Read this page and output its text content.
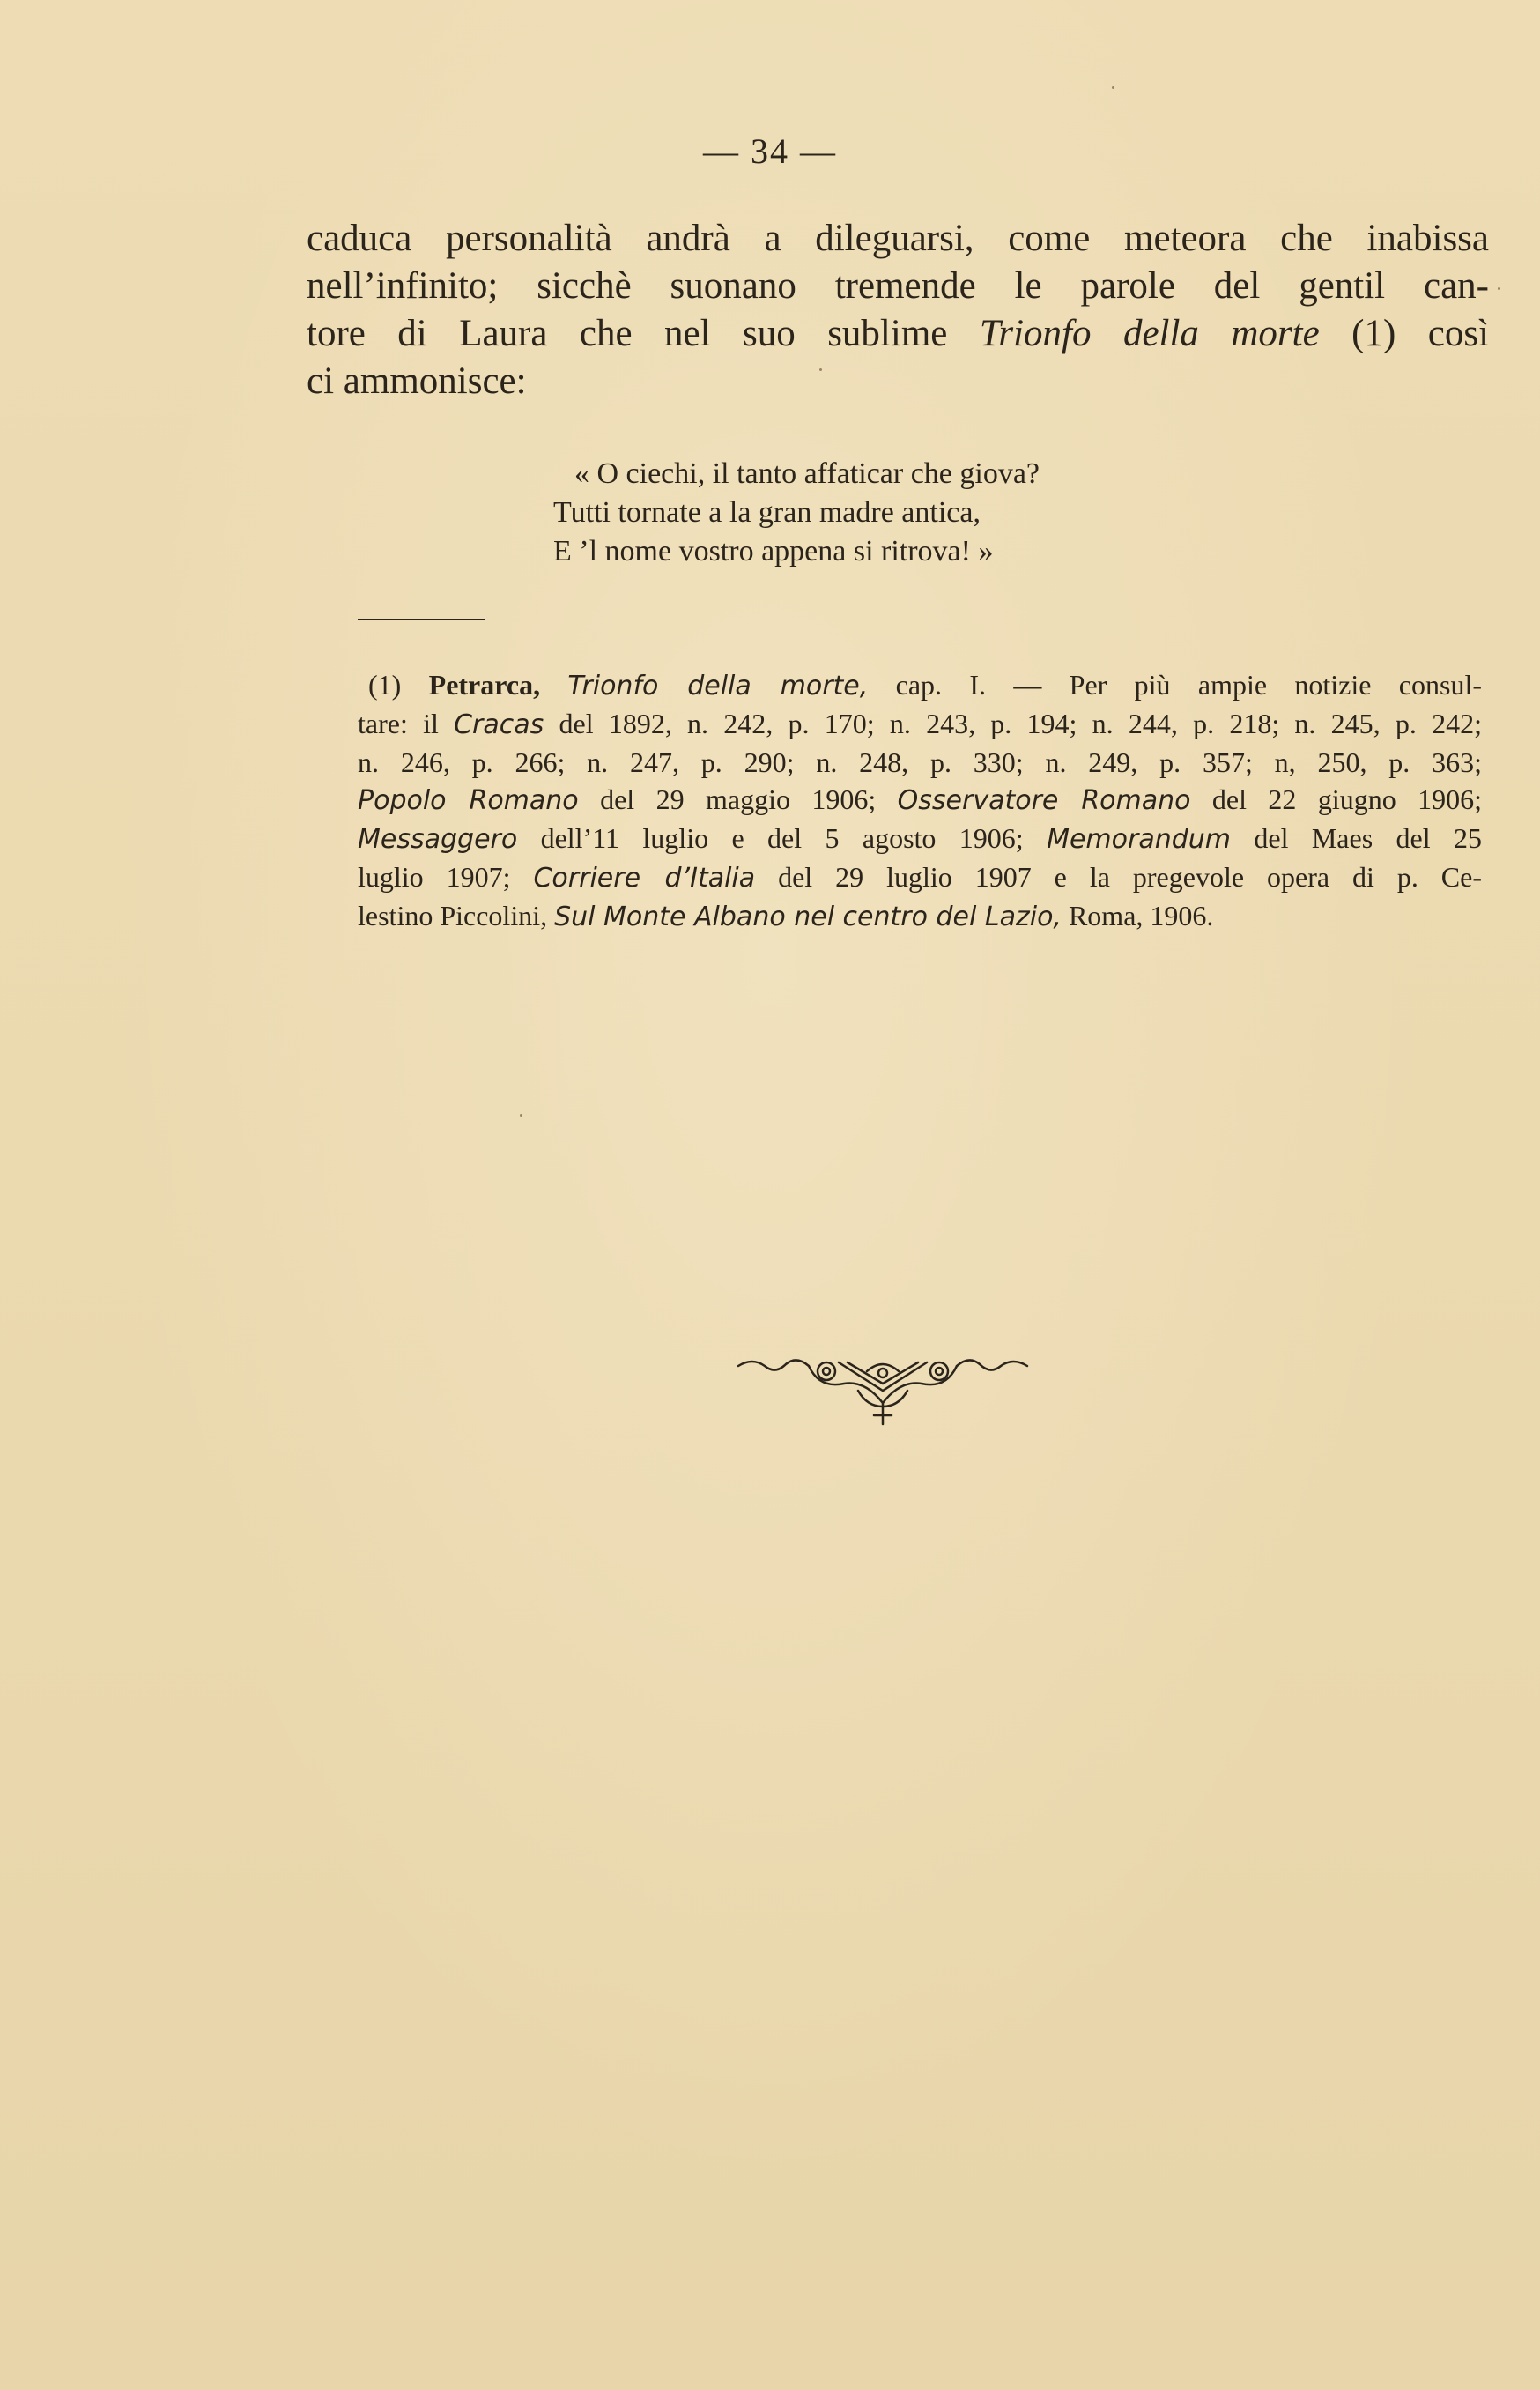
— 34 —
caduca personalità andrà a dileguarsi, come meteora che inabissa
nell’infinito; sicchè suonano tremende le parole del gentil can-
tore di Laura che nel suo sublime Trionfo della morte (1) così
ci ammonisce:
« O ciechi, il tanto affaticar che giova?
Tutti tornate a la gran madre antica,
E ’l nome vostro appena si ritrova! »
(1) Petrarca, Trionfo della morte, cap. I. — Per più ampie notizie consul-
tare: il Cracas del 1892, n. 242, p. 170; n. 243, p. 194; n. 244, p. 218; n. 245, p. 242;
n. 246, p. 266; n. 247, p. 290; n. 248, p. 330; n. 249, p. 357; n, 250, p. 363;
Popolo Romano del 29 maggio 1906; Osservatore Romano del 22 giugno 1906;
Messaggero dell’11 luglio e del 5 agosto 1906; Memorandum del Maes del 25
luglio 1907; Corriere d’Italia del 29 luglio 1907 e la pregevole opera di p. Ce-
lestino Piccolini, Sul Monte Albano nel centro del Lazio, Roma, 1906.
